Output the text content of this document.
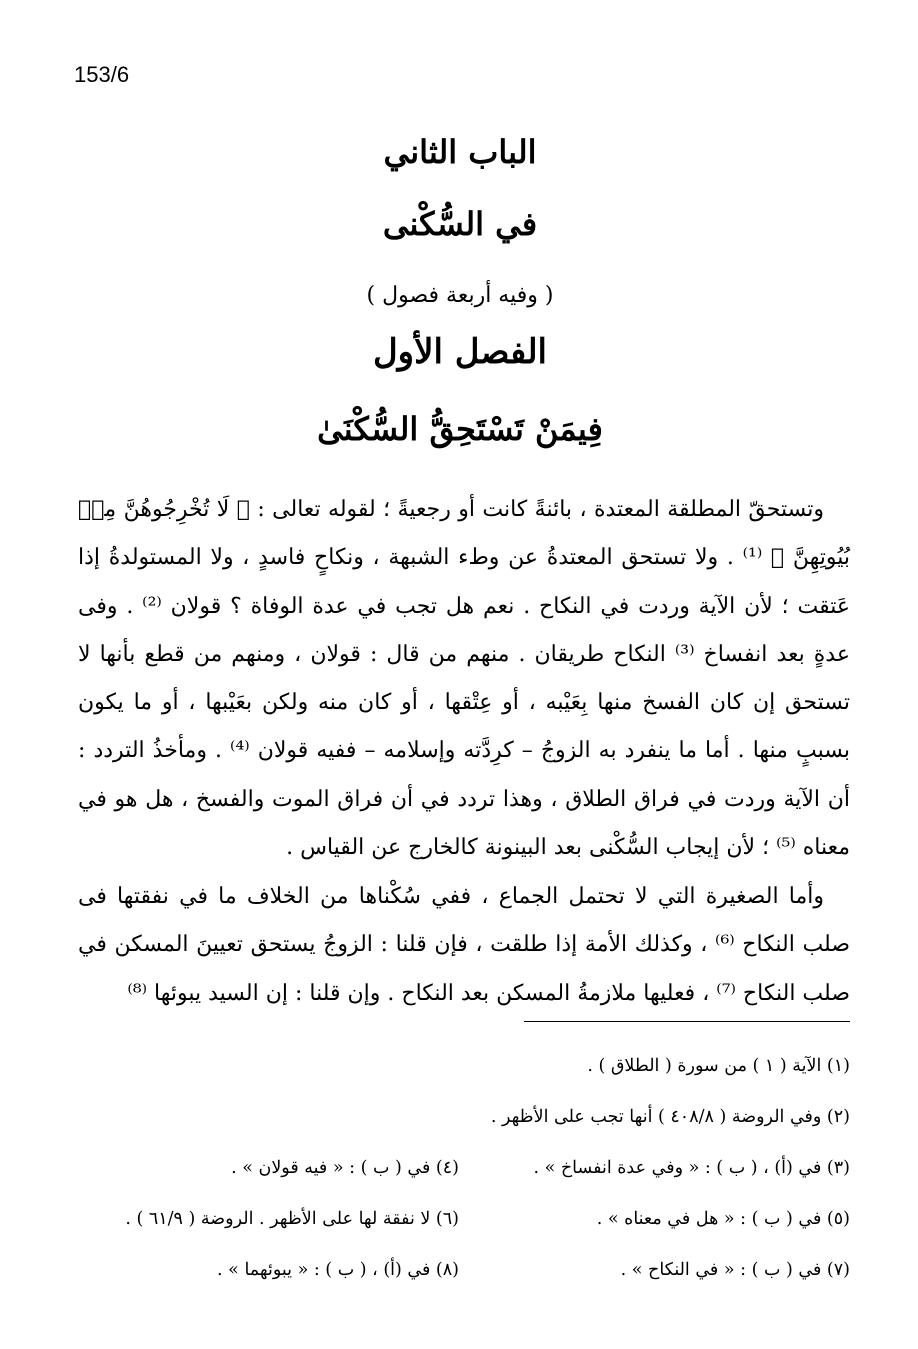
153/6
الباب الثاني
في السُّكْنى
( وفيه أربعة فصول )
الفصل الأول
فِيمَنْ تَسْتَحِقُّ السُّكْنَىٰ

وتستحقّ المطلقة المعتدة ، بائنةً كانت أو رجعيةً ؛ لقوله تعالى : ﴿ لَا تُخْرِجُوهُنَّ مِنۢ بُيُوتِهِنَّ ﴾ ⁽¹⁾ . ولا تستحق المعتدةُ عن وطء الشبهة ، ونكاحٍ فاسدٍ ، ولا المستولدةُ إذا عَتقت ؛ لأن الآية وردت في النكاح . نعم هل تجب في عدة الوفاة ؟ قولان ⁽²⁾ . وفى عدةٍ بعد انفساخ ⁽³⁾ النكاح طريقان . منهم من قال : قولان ، ومنهم من قطع بأنها لا تستحق إن كان الفسخ منها بِعَيْبه ، أو عِتْقها ، أو كان منه ولكن بعَيْبها ، أو ما يكون بسببٍ منها . أما ما ينفرد به الزوجُ – كرِدَّته وإسلامه – ففيه قولان ⁽⁴⁾ . ومأخذُ التردد : أن الآية وردت في فراق الطلاق ، وهذا تردد في أن فراق الموت والفسخ ، هل هو في معناه ⁽⁵⁾ ؛ لأن إيجاب السُّكْنى بعد البينونة كالخارج عن القياس .

وأما الصغيرة التي لا تحتمل الجماع ، ففي سُكْناها من الخلاف ما في نفقتها فى صلب النكاح ⁽⁶⁾ ، وكذلك الأمة إذا طلقت ، فإن قلنا : الزوجُ يستحق تعيينَ المسكن في صلب النكاح ⁽⁷⁾ ، فعليها ملازمةُ المسكن بعد النكاح . وإن قلنا : إن السيد يبوئها ⁽⁸⁾

(١) الآية ( ١ ) من سورة ( الطلاق ) .
(٢) وفي الروضة ( ٤٠٨/٨ ) أنها تجب على الأظهر .
(٣) في (أ) ، ( ب ) : « وفي عدة انفساخ » .
(٤) في ( ب ) : « فيه قولان » .
(٥) في ( ب ) : « هل في معناه » .
(٦) لا نفقة لها على الأظهر . الروضة ( ٦١/٩ ) .
(٧) في ( ب ) : « في النكاح » .
(٨) في (أ) ، ( ب ) : « يبوئهما » .
